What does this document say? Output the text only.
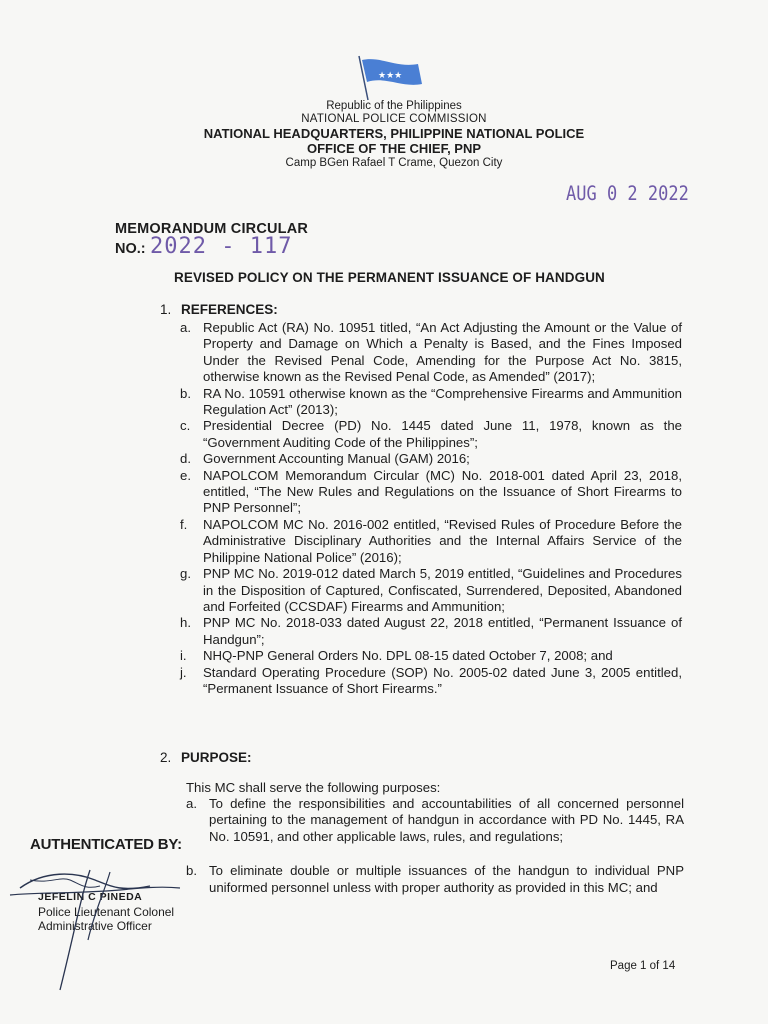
★★★
Republic of the Philippines
NATIONAL POLICE COMMISSION
NATIONAL HEADQUARTERS, PHILIPPINE NATIONAL POLICE
OFFICE OF THE CHIEF, PNP
Camp BGen Rafael T Crame, Quezon City
AUG 0 2 2022
MEMORANDUM CIRCULAR
NO.: 2022 - 117
REVISED POLICY ON THE PERMANENT ISSUANCE OF HANDGUN
1. REFERENCES:
a. Republic Act (RA) No. 10951 titled, “An Act Adjusting the Amount or the Value of Property and Damage on Which a Penalty is Based, and the Fines Imposed Under the Revised Penal Code, Amending for the Purpose Act No. 3815, otherwise known as the Revised Penal Code, as Amended” (2017);
b. RA No. 10591 otherwise known as the “Comprehensive Firearms and Ammunition Regulation Act” (2013);
c. Presidential Decree (PD) No. 1445 dated June 11, 1978, known as the “Government Auditing Code of the Philippines”;
d. Government Accounting Manual (GAM) 2016;
e. NAPOLCOM Memorandum Circular (MC) No. 2018-001 dated April 23, 2018, entitled, “The New Rules and Regulations on the Issuance of Short Firearms to PNP Personnel”;
f. NAPOLCOM MC No. 2016-002 entitled, “Revised Rules of Procedure Before the Administrative Disciplinary Authorities and the Internal Affairs Service of the Philippine National Police” (2016);
g. PNP MC No. 2019-012 dated March 5, 2019 entitled, “Guidelines and Procedures in the Disposition of Captured, Confiscated, Surrendered, Deposited, Abandoned and Forfeited (CCSDAF) Firearms and Ammunition;
h. PNP MC No. 2018-033 dated August 22, 2018 entitled, “Permanent Issuance of Handgun”;
i. NHQ-PNP General Orders No. DPL 08-15 dated October 7, 2008; and
j. Standard Operating Procedure (SOP) No. 2005-02 dated June 3, 2005 entitled, “Permanent Issuance of Short Firearms.”
2. PURPOSE:
This MC shall serve the following purposes:
a. To define the responsibilities and accountabilities of all concerned personnel pertaining to the management of handgun in accordance with PD No. 1445, RA No. 10591, and other applicable laws, rules, and regulations;
b. To eliminate double or multiple issuances of the handgun to individual PNP uniformed personnel unless with proper authority as provided in this MC; and
AUTHENTICATED BY:
JEFELIN C PINEDA
Police Lieutenant Colonel
Administrative Officer
Page 1 of 14
